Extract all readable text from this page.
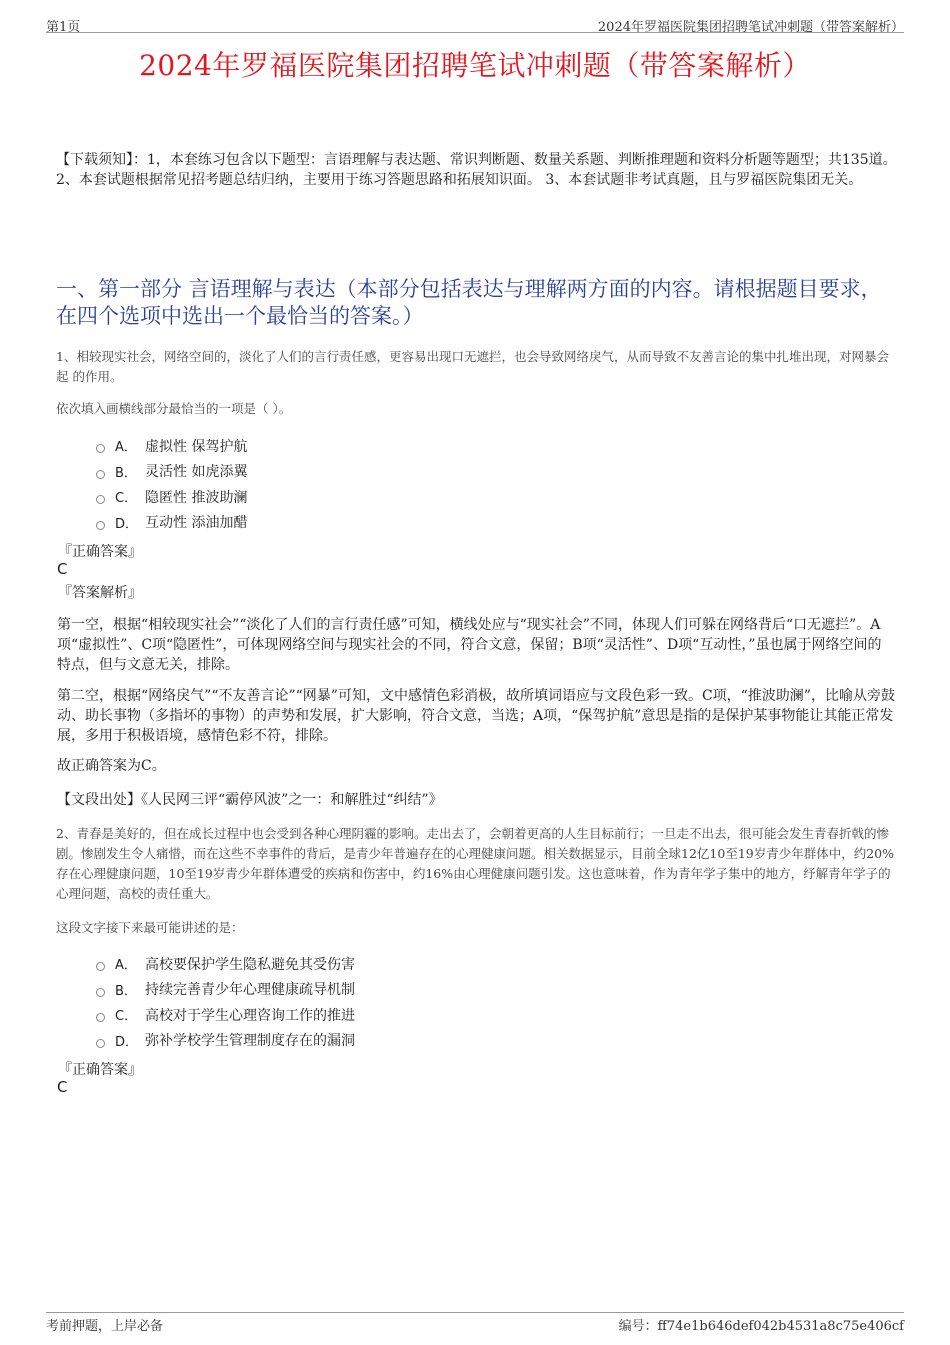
第1页	2024年罗福医院集团招聘笔试冲刺题（带答案解析）
2024年罗福医院集团招聘笔试冲刺题（带答案解析）
【下载须知】：1，本套练习包含以下题型：言语理解与表达题、常识判断题、数量关系题、判断推理题和资料分析题等题型；共135道。 2、本套试题根据常见招考题总结归纳，主要用于练习答题思路和拓展知识面。 3、本套试题非考试真题，且与罗福医院集团无关。
一、第一部分 言语理解与表达（本部分包括表达与理解两方面的内容。请根据题目要求，在四个选项中选出一个最恰当的答案。）
1、相较现实社会，网络空间的，淡化了人们的言行责任感，更容易出现口无遮拦，也会导致网络戾气，从而导致不友善言论的集中扎堆出现，对网暴会起 的作用。
依次填入画横线部分最恰当的一项是（ ）。
A． 虚拟性 保驾护航
B． 灵活性 如虎添翼
C． 隐匿性 推波助澜
D． 互动性 添油加醋
『正确答案』
C
『答案解析』
第一空，根据“相较现实社会”“淡化了人们的言行责任感”可知，横线处应与“现实社会”不同，体现人们可躲在网络背后“口无遮拦”。A项“虚拟性”、C项“隐匿性”，可体现网络空间与现实社会的不同，符合文意，保留；B项“灵活性”、D项“互动性，”虽也属于网络空间的特点，但与文意无关，排除。
第二空，根据“网络戾气”“不友善言论”“网暴”可知，文中感情色彩消极，故所填词语应与文段色彩一致。C项，“推波助澜”，比喻从旁鼓动、助长事物（多指坏的事物）的声势和发展，扩大影响，符合文意，当选；A项，“保驾护航”意思是指的是保护某事物能让其能正常发展，多用于积极语境，感情色彩不符，排除。
故正确答案为C。
【文段出处】《人民网三评“霸停风波”之一：和解胜过“纠结”》
2、青春是美好的，但在成长过程中也会受到各种心理阴霾的影响。走出去了，会朝着更高的人生目标前行；一旦走不出去，很可能会发生青春折戟的惨剧。惨剧发生令人痛惜，而在这些不幸事件的背后，是青少年普遍存在的心理健康问题。相关数据显示，目前全球12亿10至19岁青少年群体中，约20%存在心理健康问题，10至19岁青少年群体遭受的疾病和伤害中，约16%由心理健康问题引发。这也意味着，作为青年学子集中的地方，纾解青年学子的心理问题，高校的责任重大。
这段文字接下来最可能讲述的是：
A． 高校要保护学生隐私避免其受伤害
B． 持续完善青少年心理健康疏导机制
C． 高校对于学生心理咨询工作的推进
D． 弥补学校学生管理制度存在的漏洞
『正确答案』
C
考前押题，上岸必备	编号：ff74e1b646def042b4531a8c75e406cf
